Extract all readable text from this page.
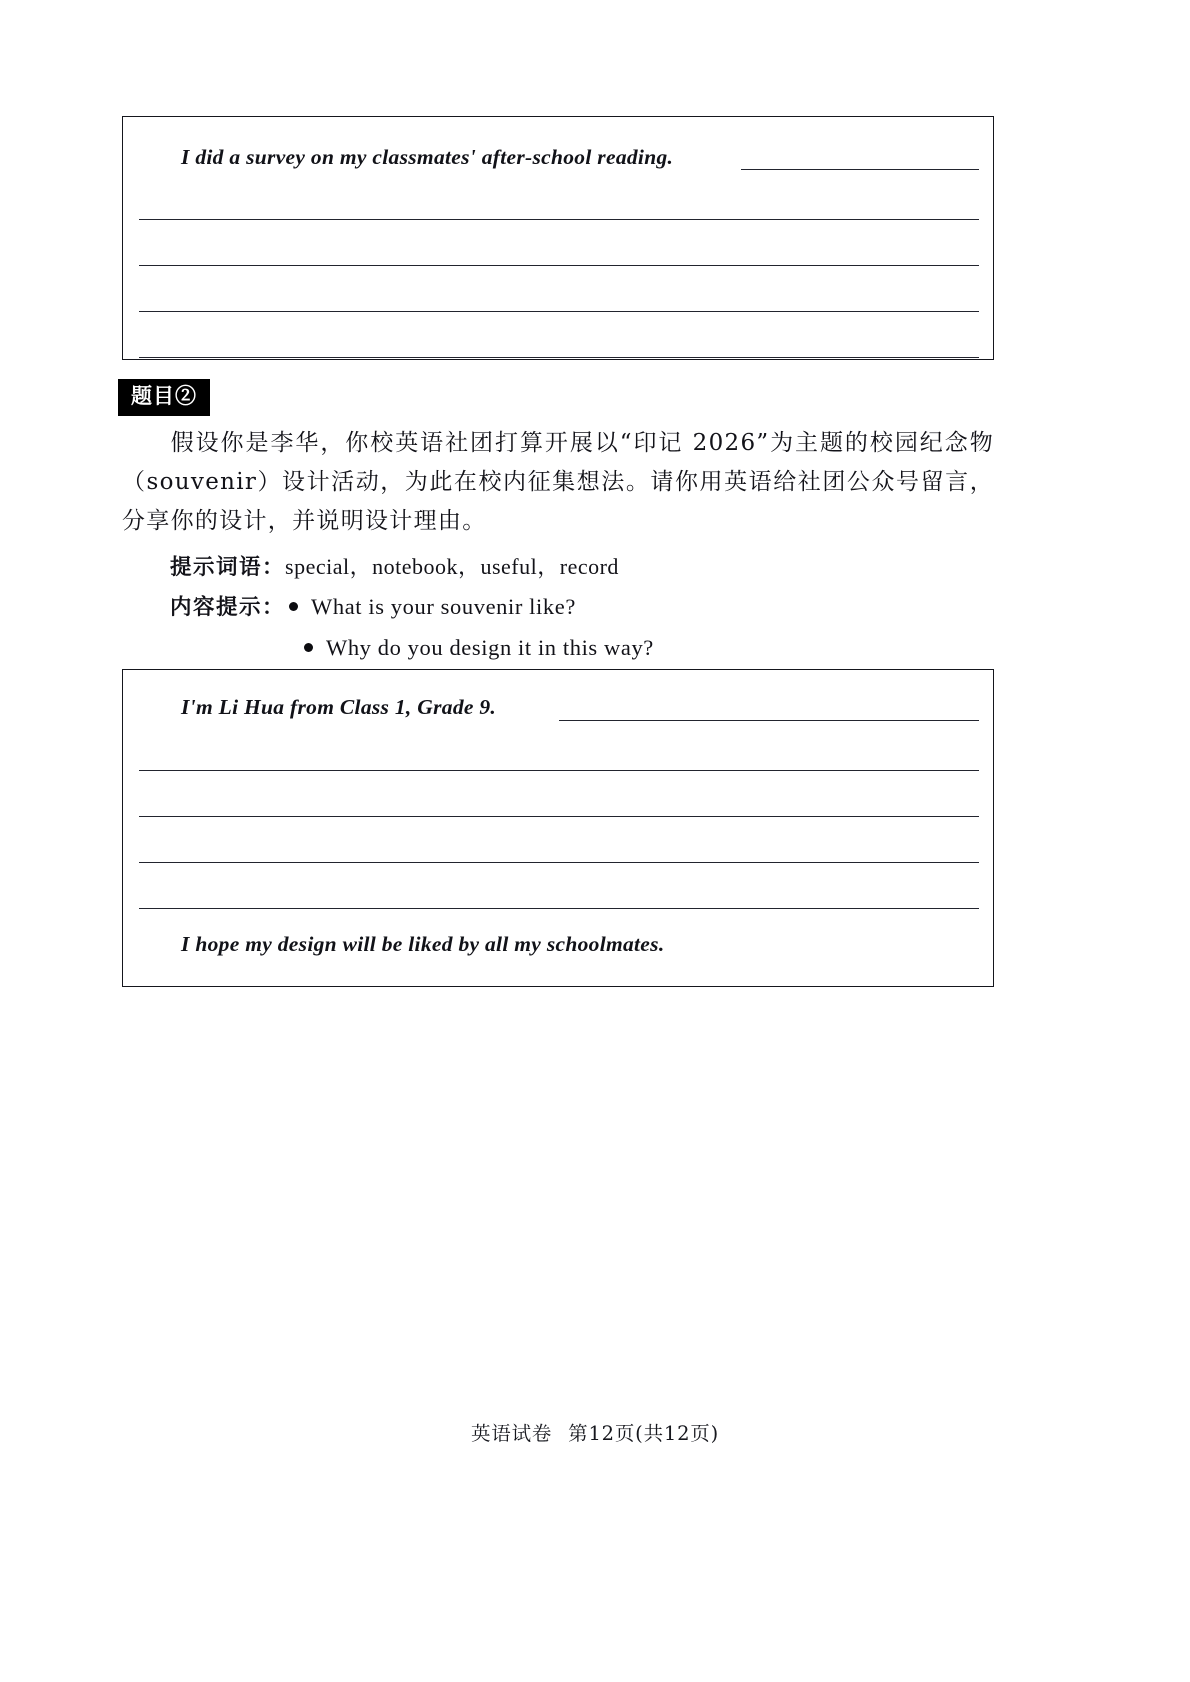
I did a survey on my classmates' after-school reading.
题目②
假设你是李华，你校英语社团打算开展以“印记 2026”为主题的校园纪念物（souvenir）设计活动，为此在校内征集想法。请你用英语给社团公众号留言，分享你的设计，并说明设计理由。
提示词语：special，notebook，useful，record
内容提示： What is your souvenir like?
Why do you design it in this way?
I'm Li Hua from Class 1, Grade 9.
I hope my design will be liked by all my schoolmates.
英语试卷 第12页(共12页)
